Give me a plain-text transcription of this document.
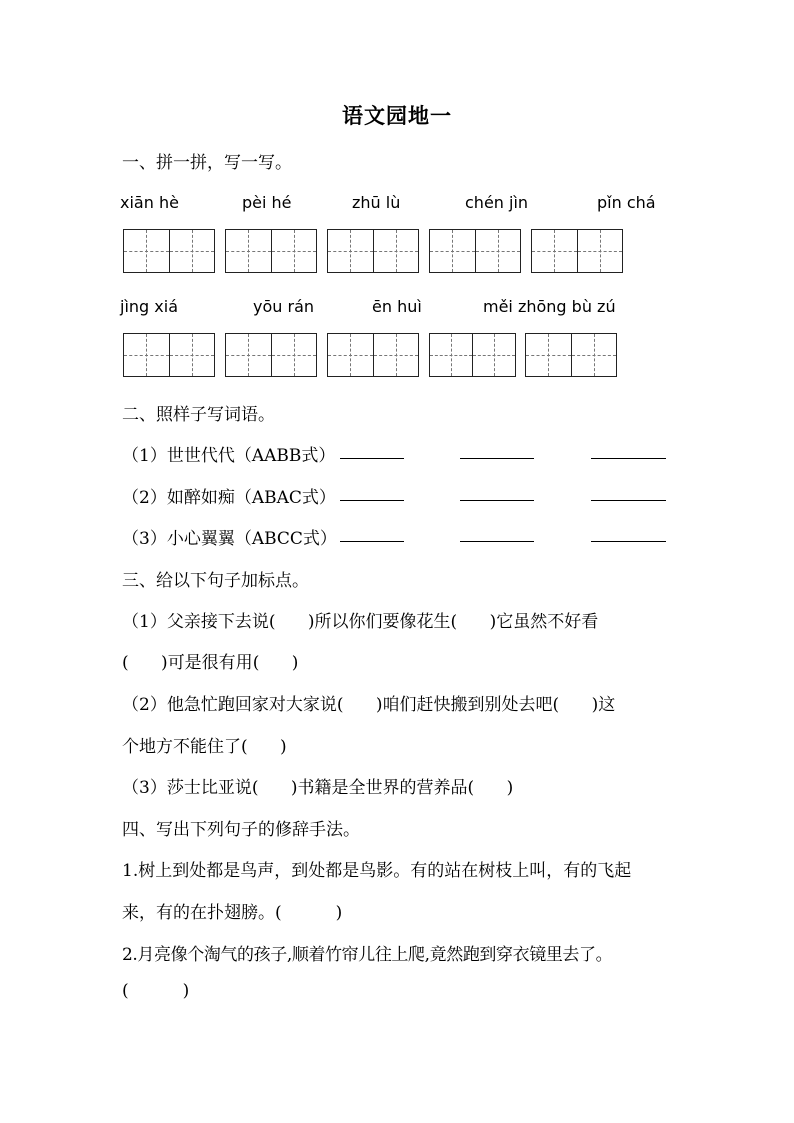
语文园地一
一、拼一拼，写一写。
xiān hè	pèi hé	zhū lù	chén jìn	pǐn chá
jìng xiá	yōu rán	ēn huì	měi zhōng bù zú
二、照样子写词语。
（1）世世代代（AABB式）
（2）如醉如痴（ABAC式）
（3）小心翼翼（ABCC式）
三、给以下句子加标点。
（1）父亲接下去说(      )所以你们要像花生(      )它虽然不好看
(      )可是很有用(      )
（2）他急忙跑回家对大家说(      )咱们赶快搬到别处去吧(      )这
个地方不能住了(      )
（3）莎士比亚说(      )书籍是全世界的营养品(      )
四、写出下列句子的修辞手法。
1.树上到处都是鸟声，到处都是鸟影。有的站在树枝上叫，有的飞起
来，有的在扑翅膀。(          )
2.月亮像个淘气的孩子,顺着竹帘儿往上爬,竟然跑到穿衣镜里去了。
(          )
